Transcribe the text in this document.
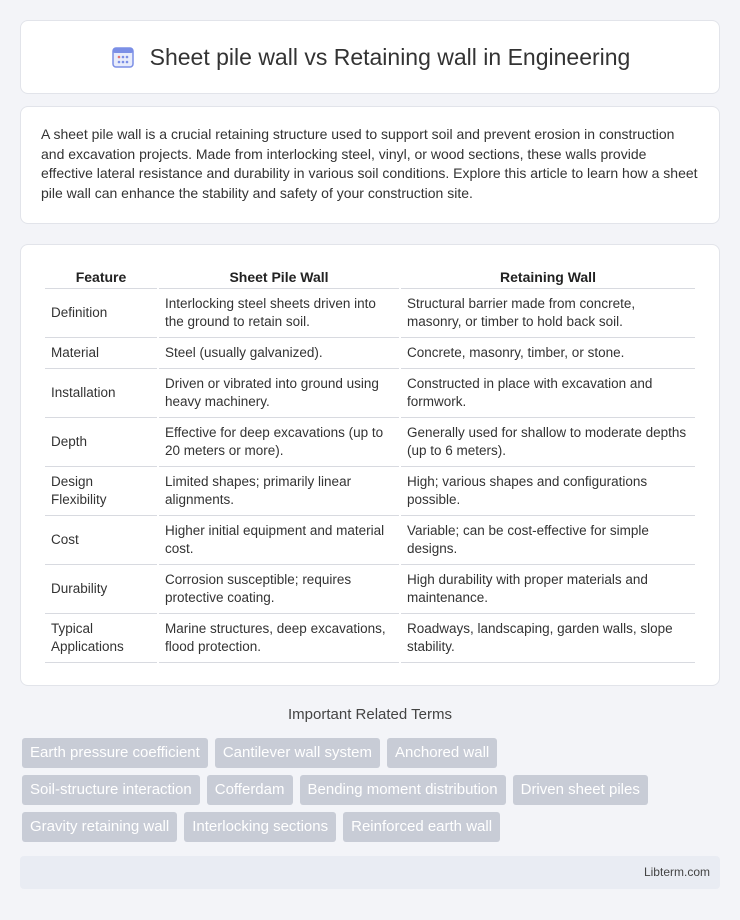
Sheet pile wall vs Retaining wall in Engineering

A sheet pile wall is a crucial retaining structure used to support soil and prevent erosion in construction and excavation projects. Made from interlocking steel, vinyl, or wood sections, these walls provide effective lateral resistance and durability in various soil conditions. Explore this article to learn how a sheet pile wall can enhance the stability and safety of your construction site.

Feature	Sheet Pile Wall	Retaining Wall
Definition	Interlocking steel sheets driven into the ground to retain soil.	Structural barrier made from concrete, masonry, or timber to hold back soil.
Material	Steel (usually galvanized).	Concrete, masonry, timber, or stone.
Installation	Driven or vibrated into ground using heavy machinery.	Constructed in place with excavation and formwork.
Depth	Effective for deep excavations (up to 20 meters or more).	Generally used for shallow to moderate depths (up to 6 meters).
Design Flexibility	Limited shapes; primarily linear alignments.	High; various shapes and configurations possible.
Cost	Higher initial equipment and material cost.	Variable; can be cost-effective for simple designs.
Durability	Corrosion susceptible; requires protective coating.	High durability with proper materials and maintenance.
Typical Applications	Marine structures, deep excavations, flood protection.	Roadways, landscaping, garden walls, slope stability.
Important Related Terms
Earth pressure coefficient	Cantilever wall system	Anchored wall
Soil-structure interaction	Cofferdam	Bending moment distribution	Driven sheet piles
Gravity retaining wall	Interlocking sections	Reinforced earth wall
Libterm.com
